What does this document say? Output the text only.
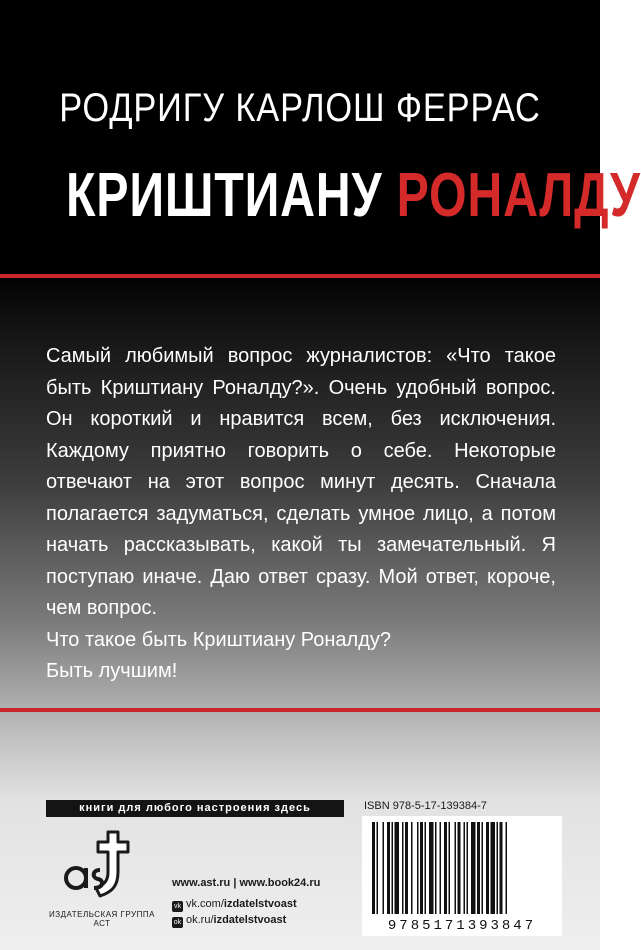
РОДРИГУ КАРЛОШ ФЕРРАС
КРИШТИАНУ РОНАЛДУ

Самый любимый вопрос журналистов: «Что такое быть Криштиану Роналду?». Очень удобный вопрос. Он короткий и нравится всем, без исключения. Каждому приятно говорить о себе. Некоторые отвечают на этот вопрос минут десять. Сначала полагается задуматься, сделать умное лицо, а потом начать рассказывать, какой ты замечательный. Я поступаю иначе. Даю ответ сразу. Мой ответ, короче, чем вопрос.

Что такое быть Криштиану Роналду?

Быть лучшим!

книги для любого настроения здесь
ИЗДАТЕЛЬСКАЯ ГРУППА АСТ
www.ast.ru | www.book24.ru
vk vk.com/izdatelstvoast
ok ok.ru/izdatelstvoast
ISBN 978-5-17-139384-7
9785171393847
